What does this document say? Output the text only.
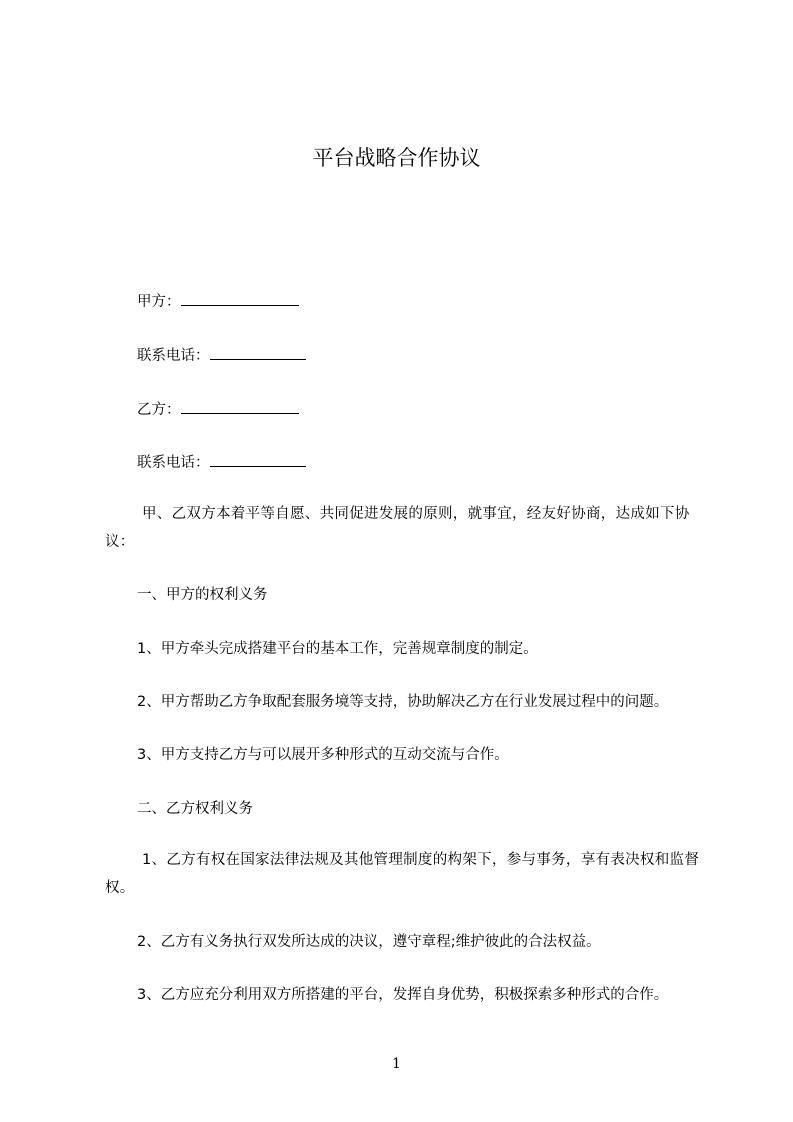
平台战略合作协议
甲方：
联系电话：
乙方：
联系电话：
甲、乙双方本着平等自愿、共同促进发展的原则，就事宜，经友好协商，达成如下协议：
一、甲方的权利义务
1、甲方牵头完成搭建平台的基本工作，完善规章制度的制定。
2、甲方帮助乙方争取配套服务境等支持，协助解决乙方在行业发展过程中的问题。
3、甲方支持乙方与可以展开多种形式的互动交流与合作。
二、乙方权利义务
1、乙方有权在国家法律法规及其他管理制度的构架下，参与事务，享有表决权和监督权。
2、乙方有义务执行双发所达成的决议，遵守章程;维护彼此的合法权益。
3、乙方应充分利用双方所搭建的平台，发挥自身优势，积极探索多种形式的合作。
1
